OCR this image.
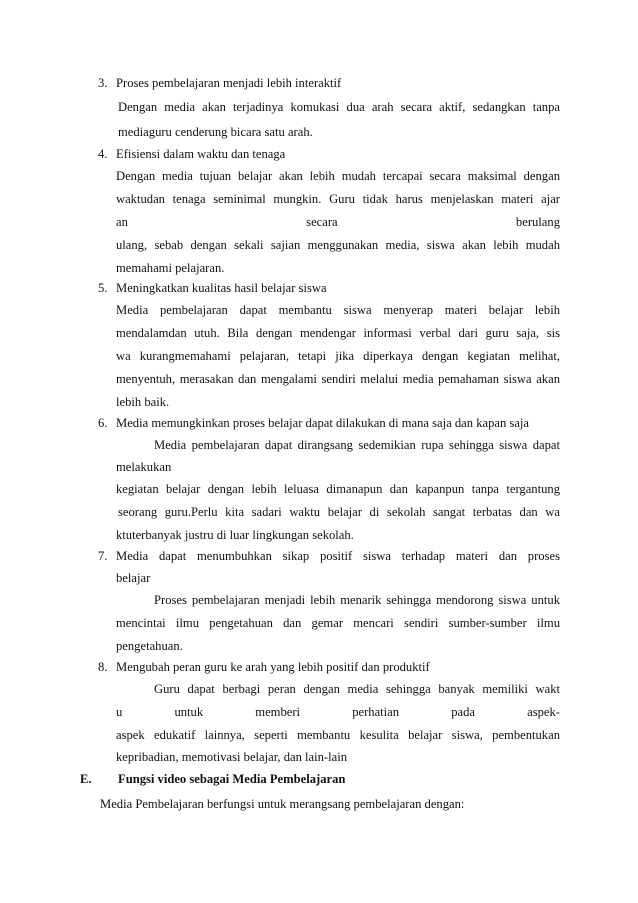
3. Proses pembelajaran menjadi lebih interaktif
Dengan media akan terjadinya komukasi dua arah secara aktif, sedangkan tanpa
mediaguru cenderung bicara satu arah.
4. Efisiensi dalam waktu dan tenaga
Dengan media tujuan belajar akan lebih mudah tercapai secara maksimal dengan
waktudan tenaga seminimal mungkin. Guru tidak harus menjelaskan materi ajar
an secara berulang
ulang, sebab dengan sekali sajian menggunakan media, siswa akan lebih mudah
memahami pelajaran.
5. Meningkatkan kualitas hasil belajar siswa
Media pembelajaran dapat membantu siswa menyerap materi belajar lebih
mendalamdan utuh. Bila dengan mendengar informasi verbal dari guru saja, sis
wa kurangmemahami pelajaran, tetapi jika diperkaya dengan kegiatan melihat,
menyentuh, merasakan dan mengalami sendiri melalui media pemahaman siswa akan
lebih baik.
6. Media memungkinkan proses belajar dapat dilakukan di mana saja dan kapan saja
Media pembelajaran dapat dirangsang sedemikian rupa sehingga siswa dapat
melakukan
kegiatan belajar dengan lebih leluasa dimanapun dan kapanpun tanpa tergantung
seorang guru.Perlu kita sadari waktu belajar di sekolah sangat terbatas dan wa
ktuterbanyak justru di luar lingkungan sekolah.
7. Media dapat menumbuhkan sikap positif siswa terhadap materi dan proses
belajar
Proses pembelajaran menjadi lebih menarik sehingga mendorong siswa untuk
mencintai ilmu pengetahuan dan gemar mencari sendiri sumber-sumber ilmu
pengetahuan.
8. Mengubah peran guru ke arah yang lebih positif dan produktif
Guru dapat berbagi peran dengan media sehingga banyak memiliki wakt
u untuk memberi perhatian pada aspek-
aspek edukatif lainnya, seperti membantu kesulita belajar siswa, pembentukan
kepribadian, memotivasi belajar, dan lain-lain
E. Fungsi video sebagai Media Pembelajaran
Media Pembelajaran berfungsi untuk merangsang pembelajaran dengan:
